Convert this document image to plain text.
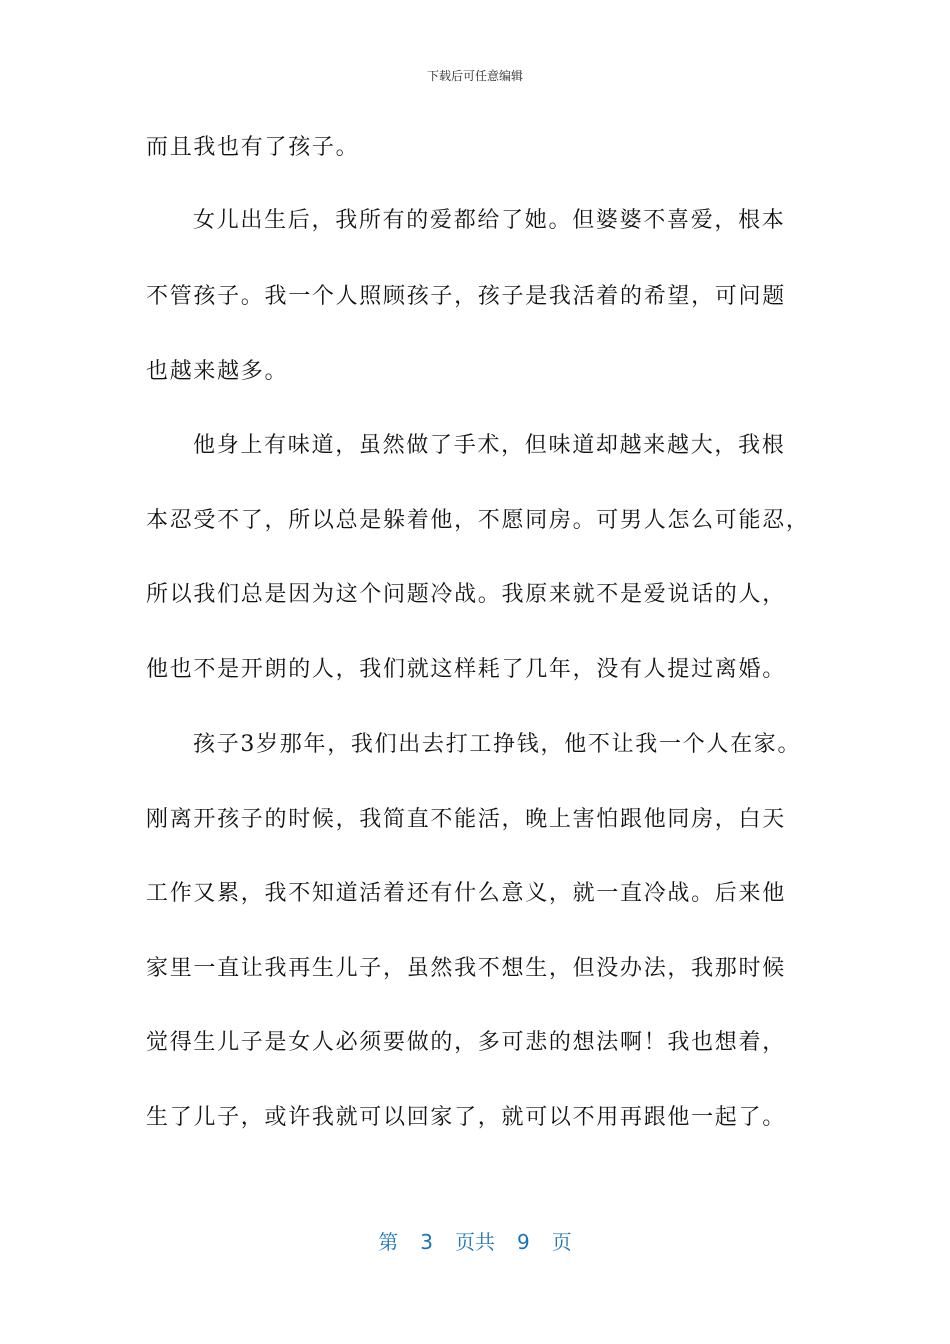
下载后可任意编辑
而且我也有了孩子。
女儿出生后，我所有的爱都给了她。但婆婆不喜爱，根本
不管孩子。我一个人照顾孩子，孩子是我活着的希望，可问题
也越来越多。
他身上有味道，虽然做了手术，但味道却越来越大，我根
本忍受不了，所以总是躲着他，不愿同房。可男人怎么可能忍，
所以我们总是因为这个问题冷战。我原来就不是爱说话的人，
他也不是开朗的人，我们就这样耗了几年，没有人提过离婚。
孩子3岁那年，我们出去打工挣钱，他不让我一个人在家。
刚离开孩子的时候，我简直不能活，晚上害怕跟他同房，白天
工作又累，我不知道活着还有什么意义，就一直冷战。后来他
家里一直让我再生儿子，虽然我不想生，但没办法，我那时候
觉得生儿子是女人必须要做的，多可悲的想法啊！我也想着，
生了儿子，或许我就可以回家了，就可以不用再跟他一起了。
第 3 页共 9 页
